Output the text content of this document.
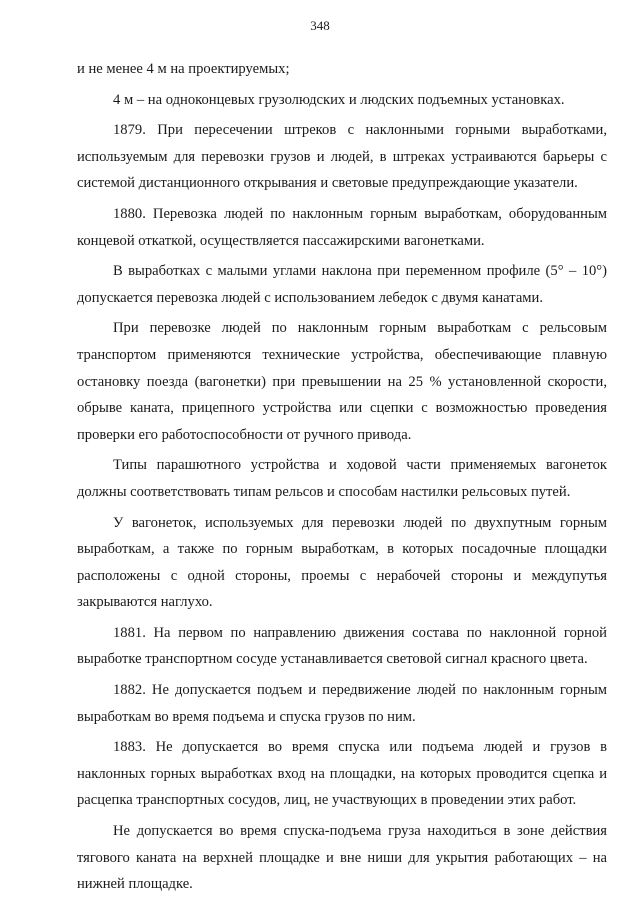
348

и не менее 4 м на проектируемых;

4 м – на одноконцевых грузолюдских и людских подъемных установках.

1879. При пересечении штреков с наклонными горными выработками, используемым для перевозки грузов и людей, в штреках устраиваются барьеры с системой дистанционного открывания и световые предупреждающие указатели.

1880. Перевозка людей по наклонным горным выработкам, оборудованным концевой откаткой, осуществляется пассажирскими вагонетками.

В выработках с малыми углами наклона при переменном профиле (5° – 10°) допускается перевозка людей с использованием лебедок с двумя канатами.

При перевозке людей по наклонным горным выработкам с рельсовым транспортом применяются технические устройства, обеспечивающие плавную остановку поезда (вагонетки) при превышении на 25 % установленной скорости, обрыве каната, прицепного устройства или сцепки с возможностью проведения проверки его работоспособности от ручного привода.

Типы парашютного устройства и ходовой части применяемых вагонеток должны соответствовать типам рельсов и способам настилки рельсовых путей.

У вагонеток, используемых для перевозки людей по двухпутным горным выработкам, а также по горным выработкам, в которых посадочные площадки расположены с одной стороны, проемы с нерабочей стороны и междупутья закрываются наглухо.

1881. На первом по направлению движения состава по наклонной горной выработке транспортном сосуде устанавливается световой сигнал красного цвета.

1882. Не допускается подъем и передвижение людей по наклонным горным выработкам во время подъема и спуска грузов по ним.

1883. Не допускается во время спуска или подъема людей и грузов в наклонных горных выработках вход на площадки, на которых проводится сцепка и расцепка транспортных сосудов, лиц, не участвующих в проведении этих работ.

Не допускается во время спуска-подъема груза находиться в зоне действия тягового каната на верхней площадке и вне ниши для укрытия работающих – на нижней площадке.
